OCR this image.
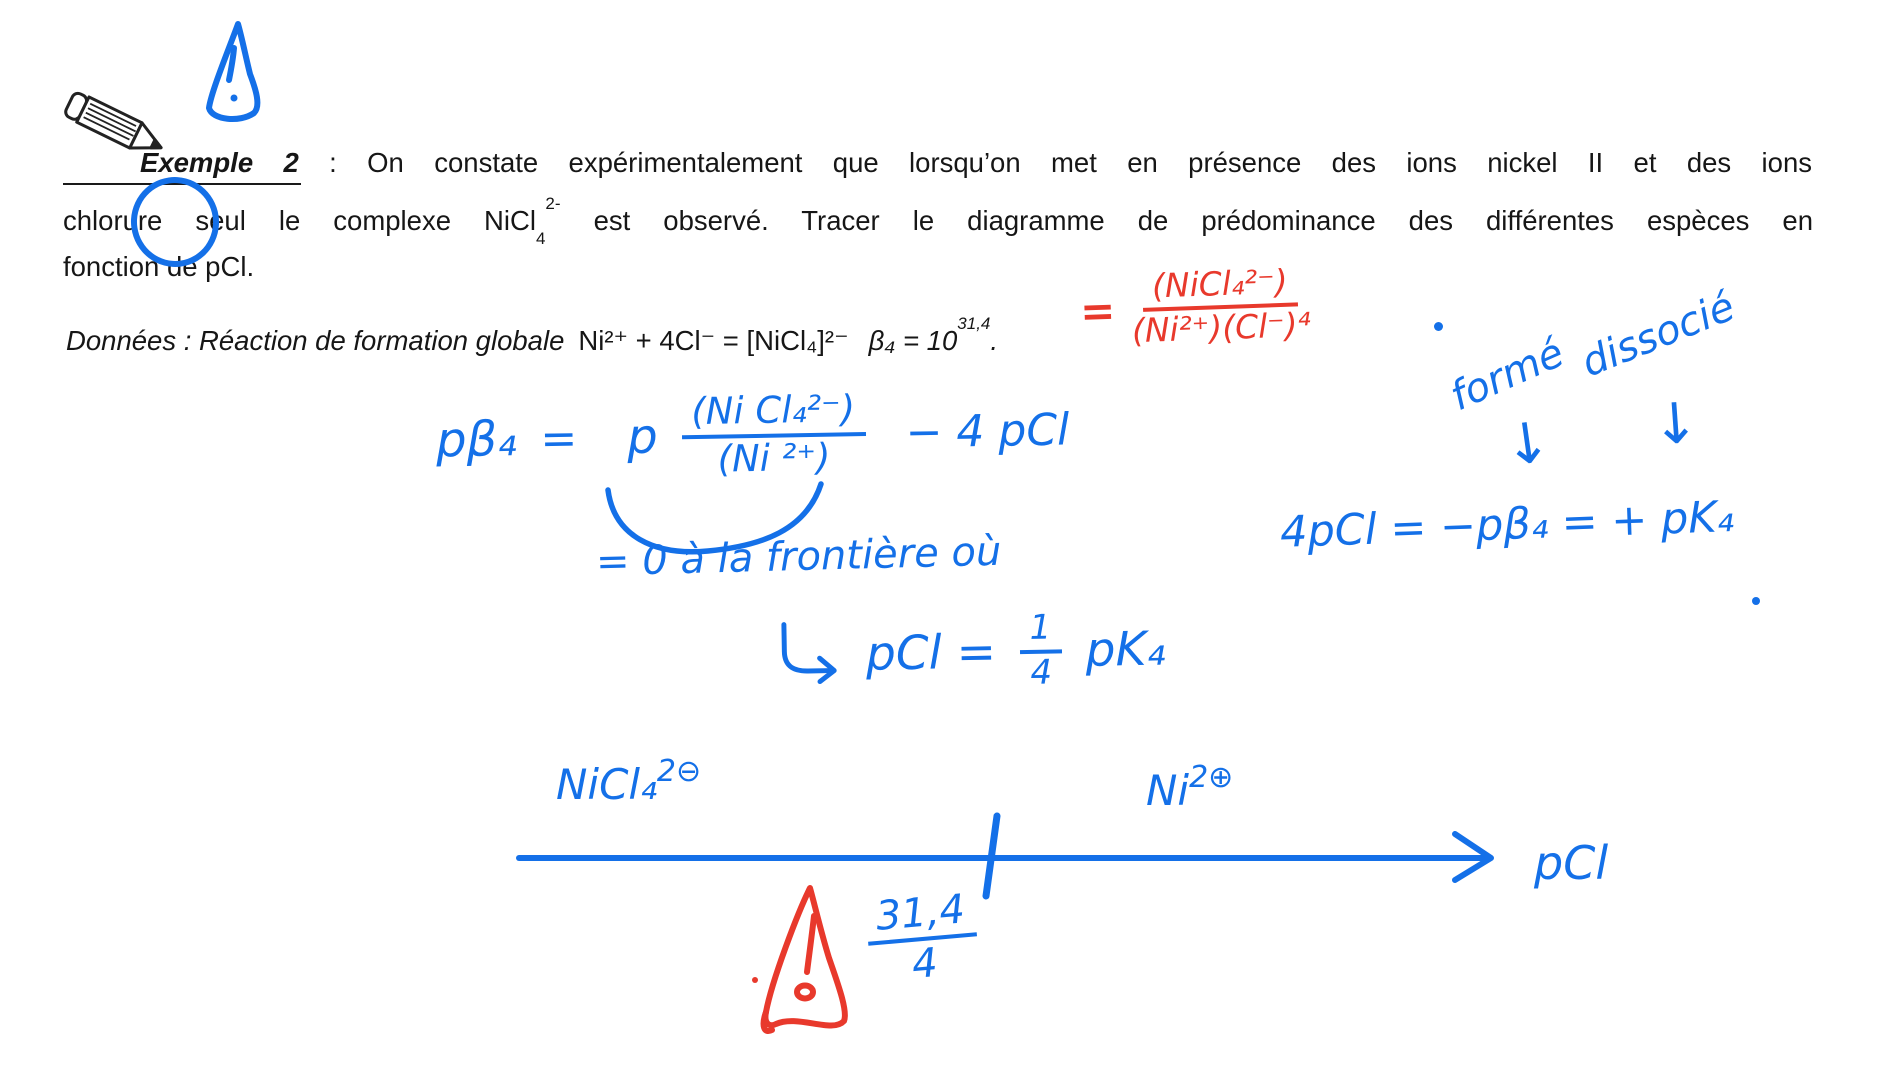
Exemple 2 : On constate expérimentalement que lorsqu’on met en présence des ions nickel II et des ions
chlorure seul le complexe NiCl$_4^{2-}$ est observé. Tracer le diagramme de prédominance des différentes espèces en
fonction de pCl.
Données : Réaction de formation globale Ni²⁺ + 4Cl⁻ = [NiCl₄]²⁻ $\beta_4 = 10^{31,4}$.
= $\frac{\text{(NiCl₄²⁻)}}{\text{(Ni²⁺)(Cl⁻)⁴}}$
pβ₄ = p $\frac{\text{(Ni Cl₄²⁻)}}{\text{(Ni ²⁺)}} - 4$ pCl
= 0 à la frontière où	4pCl = −pβ₄ = + pK₄
formé
↓
dissocié
↓
pCl = $\frac{1}{4} pK_4$
NiCl₄2⊖	Ni2⊕
pCl
$\frac{31,4}{4}$
